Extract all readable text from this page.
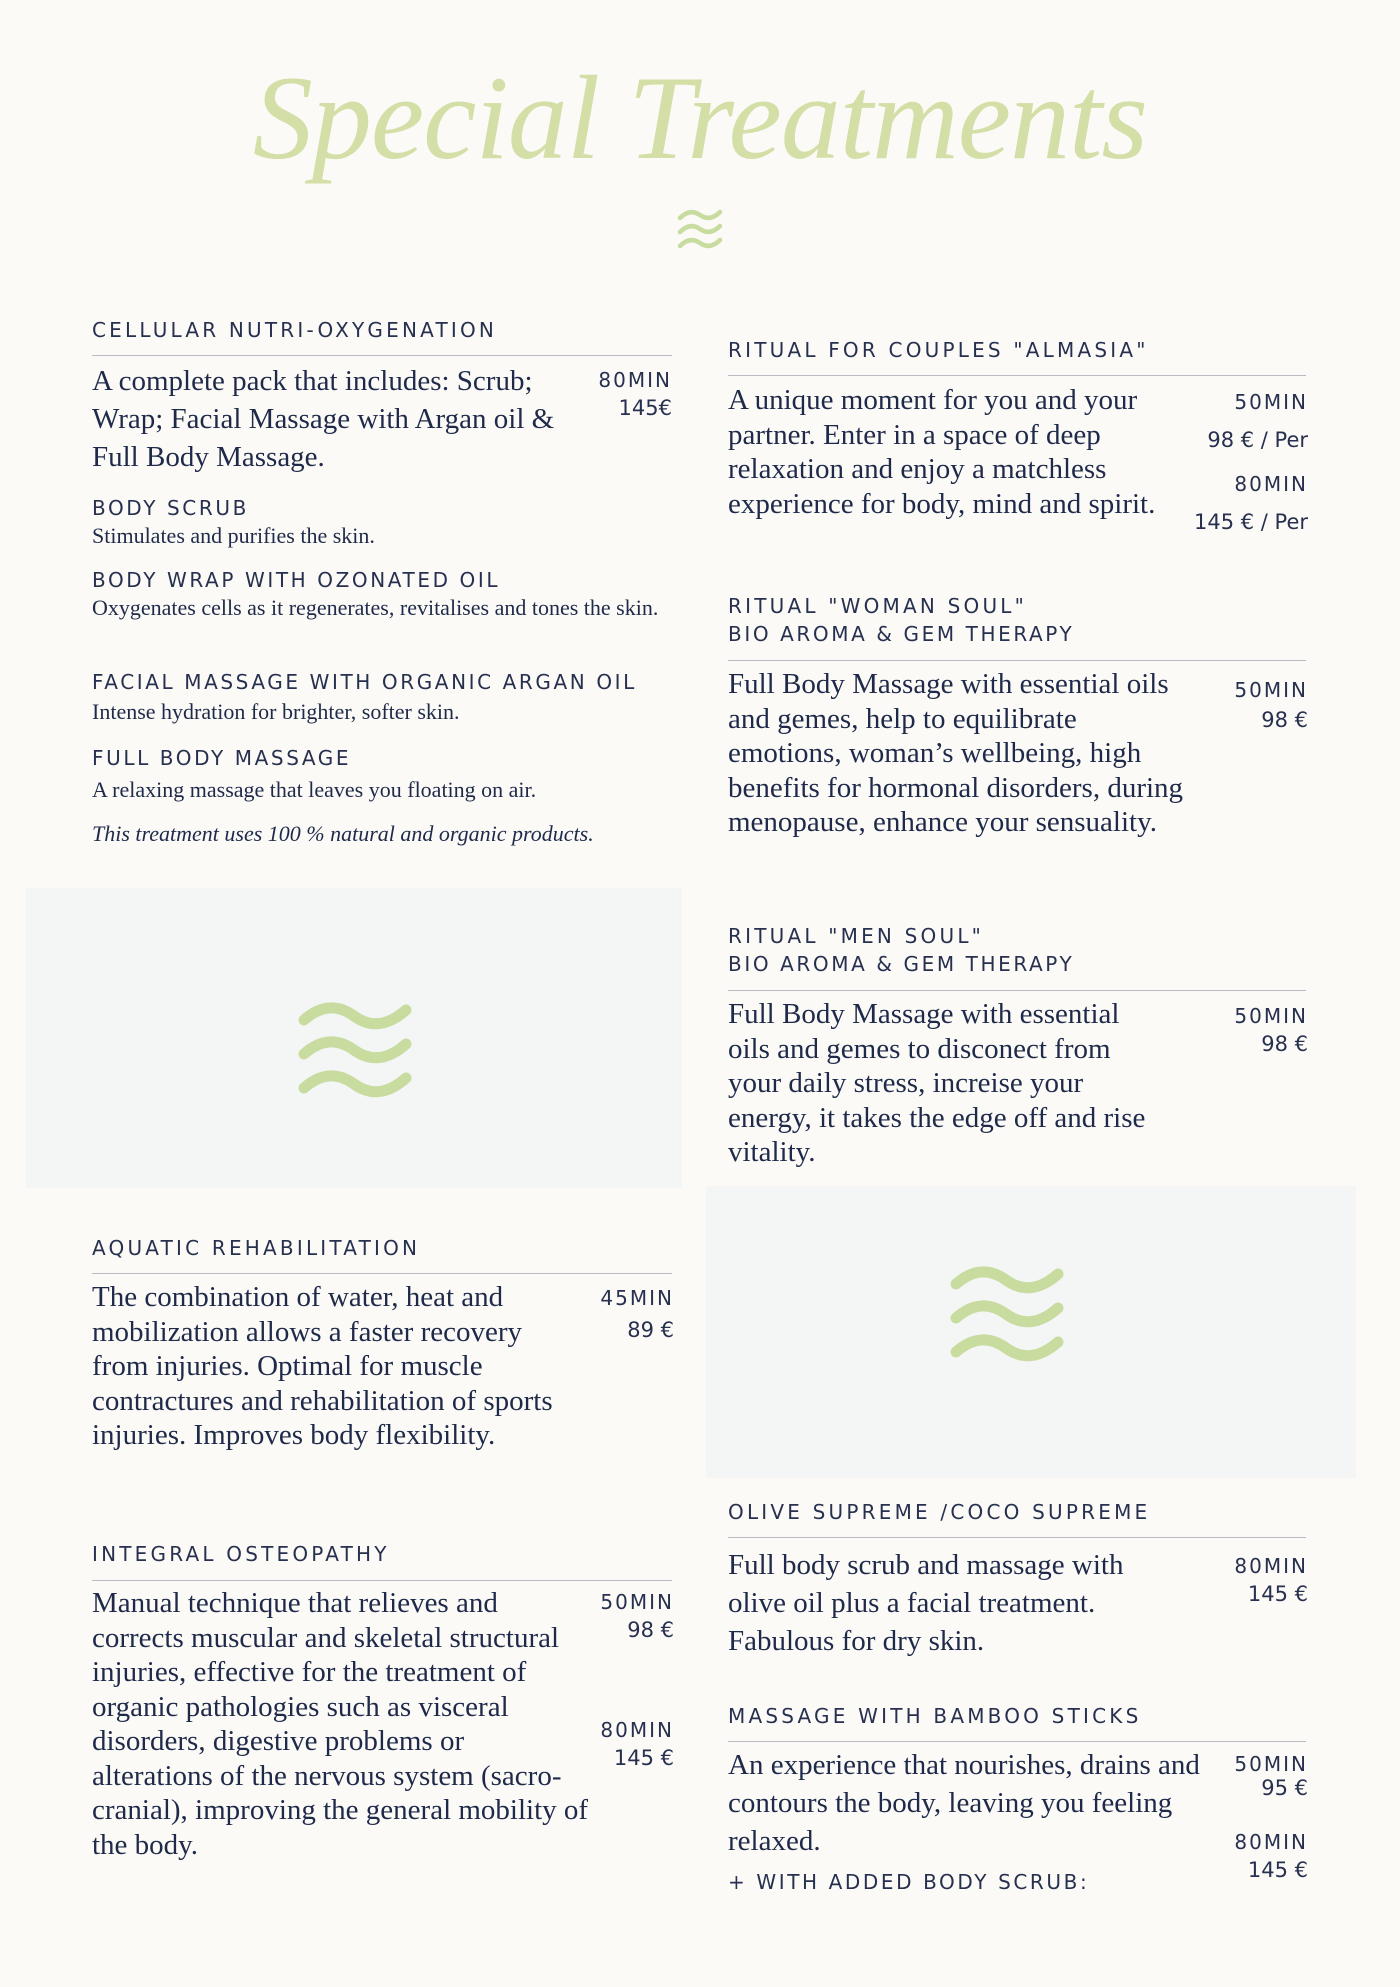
Special Treatments
CELLULAR NUTRI-OXYGENATION
A complete pack that includes: Scrub; Wrap; Facial Massage with Argan oil & Full Body Massage.
80MIN
145€
BODY SCRUB
Stimulates and purifies the skin.
BODY WRAP WITH OZONATED OIL
Oxygenates cells as it regenerates, revitalises and tones the skin.
FACIAL MASSAGE WITH ORGANIC ARGAN OIL
Intense hydration for brighter, softer skin.
FULL BODY MASSAGE
A relaxing massage that leaves you floating on air.
This treatment uses 100 % natural and organic products.
AQUATIC REHABILITATION
The combination of water, heat and mobilization allows a faster recovery from injuries. Optimal for muscle contractures and rehabilitation of sports injuries. Improves body flexibility.
45MIN
89 €
INTEGRAL OSTEOPATHY
Manual technique that relieves and corrects muscular and skeletal structural injuries, effective for the treatment of organic pathologies such as visceral disorders, digestive problems or alterations of the nervous system (sacro-cranial), improving the general mobility of the body.
50MIN
98 €
80MIN
145 €
RITUAL FOR COUPLES "ALMASIA"
A unique moment for you and your partner. Enter in a space of deep relaxation and enjoy a matchless experience for body, mind and spirit.
50MIN
98 € / Per
80MIN
145 € / Per
RITUAL "WOMAN SOUL"
BIO AROMA & GEM THERAPY
Full Body Massage with essential oils and gemes, help to equilibrate emotions, woman’s wellbeing, high benefits for hormonal disorders, during menopause, enhance your sensuality.
50MIN
98 €
RITUAL "MEN SOUL"
BIO AROMA & GEM THERAPY
Full Body Massage with essential oils and gemes to disconect from your daily stress, increise your energy, it takes the edge off and rise vitality.
50MIN
98 €
OLIVE SUPREME /COCO SUPREME
Full body scrub and massage with olive oil plus a facial treatment. Fabulous for dry skin.
80MIN
145 €
MASSAGE WITH BAMBOO STICKS
An experience that nourishes, drains and contours the body, leaving you feeling relaxed.
+ WITH ADDED BODY SCRUB:
50MIN
95 €
80MIN
145 €
